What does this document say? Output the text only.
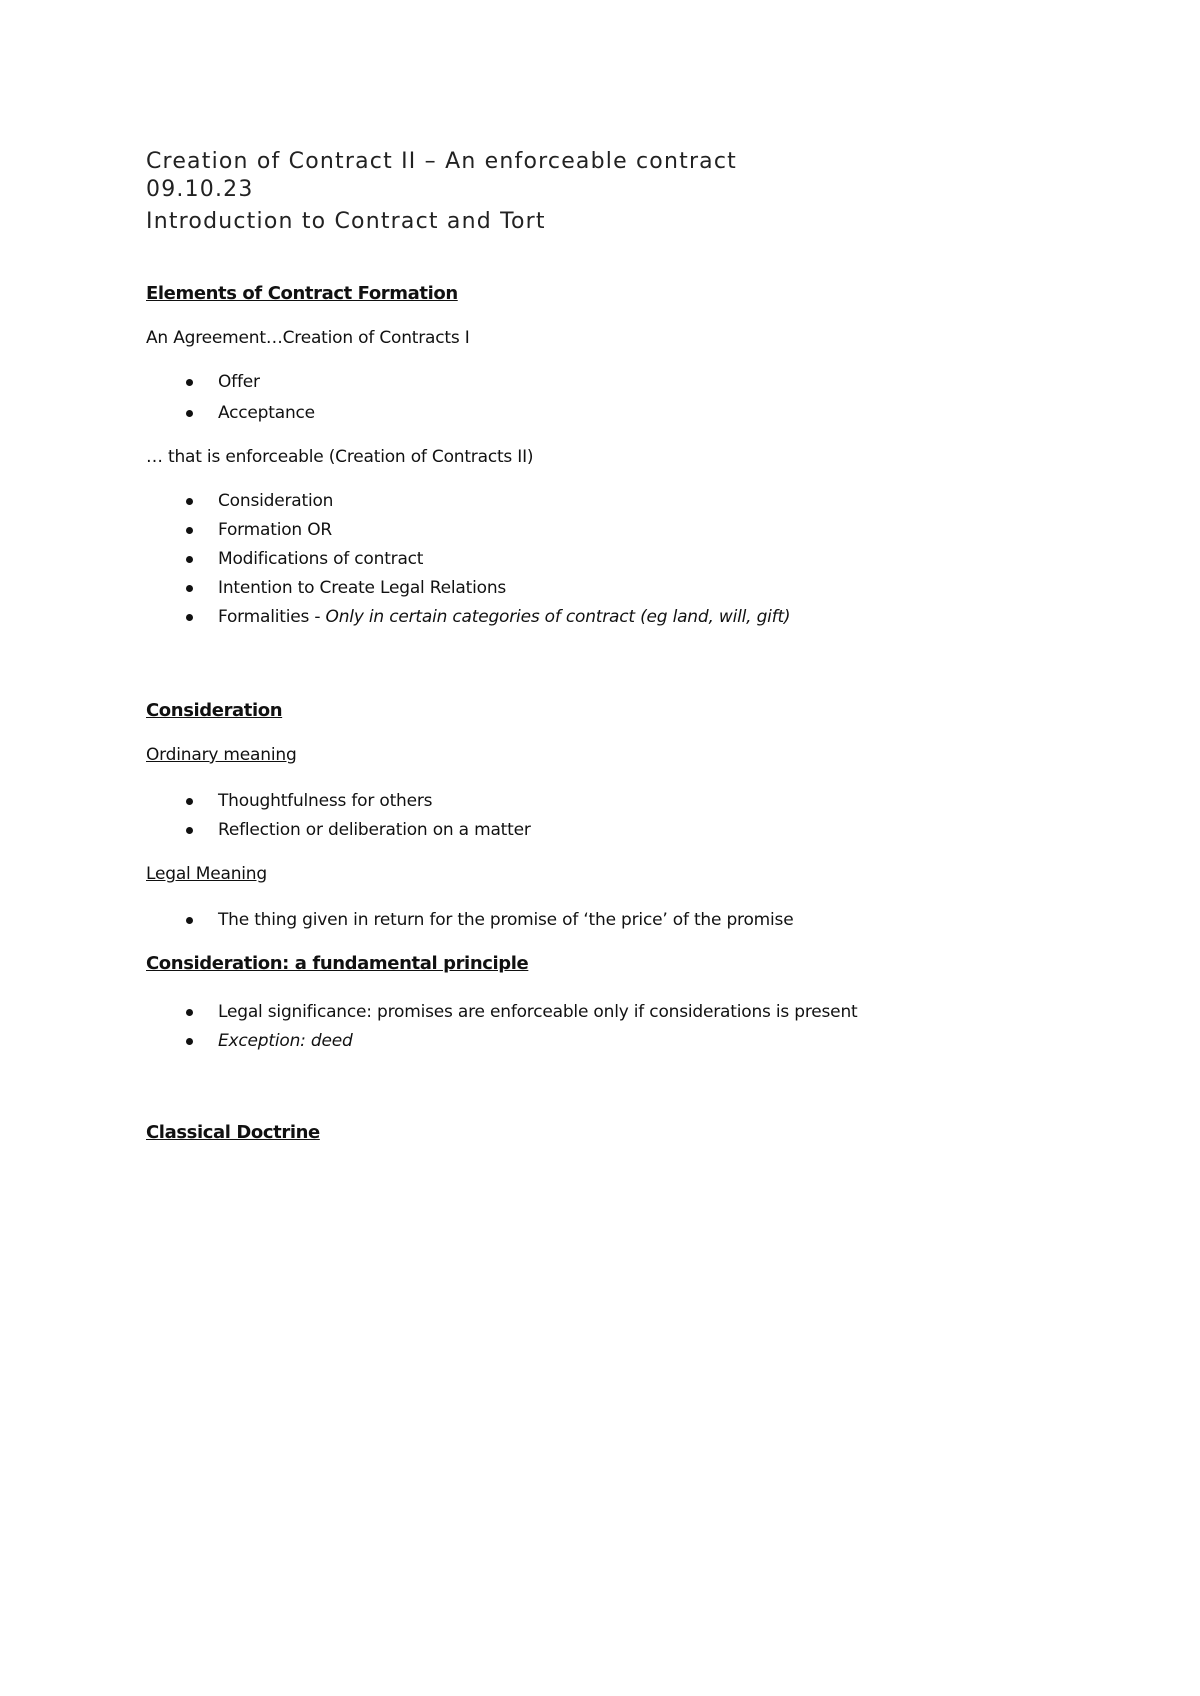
Creation of Contract II – An enforceable contract
09.10.23
Introduction to Contract and Tort
Elements of Contract Formation
An Agreement…Creation of Contracts I
Offer
Acceptance
… that is enforceable (Creation of Contracts II)
Consideration
Formation OR
Modifications of contract
Intention to Create Legal Relations
Formalities - Only in certain categories of contract (eg land, will, gift)
Consideration
Ordinary meaning
Thoughtfulness for others
Reflection or deliberation on a matter
Legal Meaning
The thing given in return for the promise of ‘the price’ of the promise
Consideration: a fundamental principle
Legal significance: promises are enforceable only if considerations is present
Exception: deed
Classical Doctrine
